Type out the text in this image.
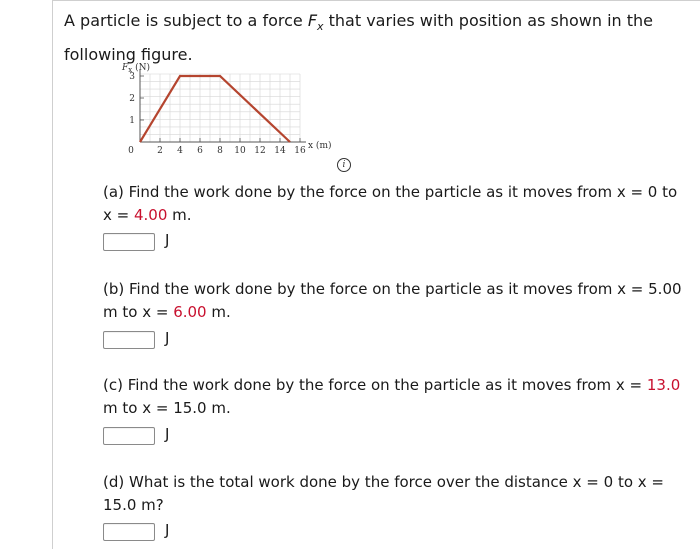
A particle is subject to a force $F_x$ that varies with position as shown in the following figure.

0	2 4 6 8 10 12 14 16
1
2
3
$F_x$ (N)
x (m)
i

(a) Find the work done by the force on the particle as it moves from x = 0 to x = 4.00 m.

J

(b) Find the work done by the force on the particle as it moves from x = 5.00 m to x = 6.00 m.

J

(c) Find the work done by the force on the particle as it moves from x = 13.0 m to x = 15.0 m.

J

(d) What is the total work done by the force over the distance x = 0 to x = 15.0 m?

J
